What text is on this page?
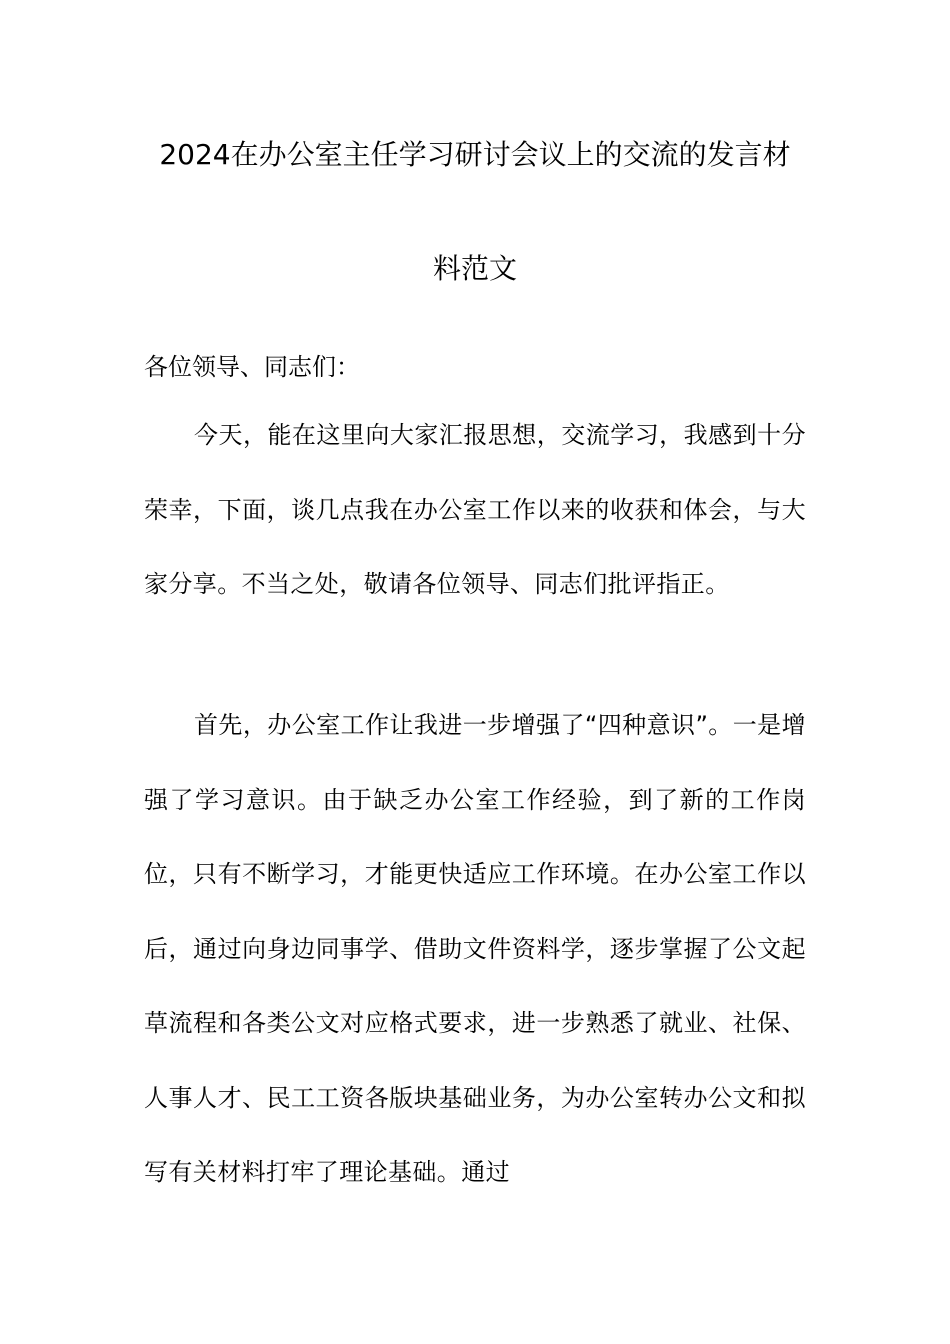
2024在办公室主任学习研讨会议上的交流的发言材
料范文

各位领导、同志们：

今天，能在这里向大家汇报思想，交流学习，我感到十分荣幸，下面，谈几点我在办公室工作以来的收获和体会，与大家分享。不当之处，敬请各位领导、同志们批评指正。

首先，办公室工作让我进一步增强了“四种意识”。一是增强了学习意识。由于缺乏办公室工作经验，到了新的工作岗位，只有不断学习，才能更快适应工作环境。在办公室工作以后，通过向身边同事学、借助文件资料学，逐步掌握了公文起草流程和各类公文对应格式要求，进一步熟悉了就业、社保、人事人才、民工工资各版块基础业务，为办公室转办公文和拟写有关材料打牢了理论基础。通过
